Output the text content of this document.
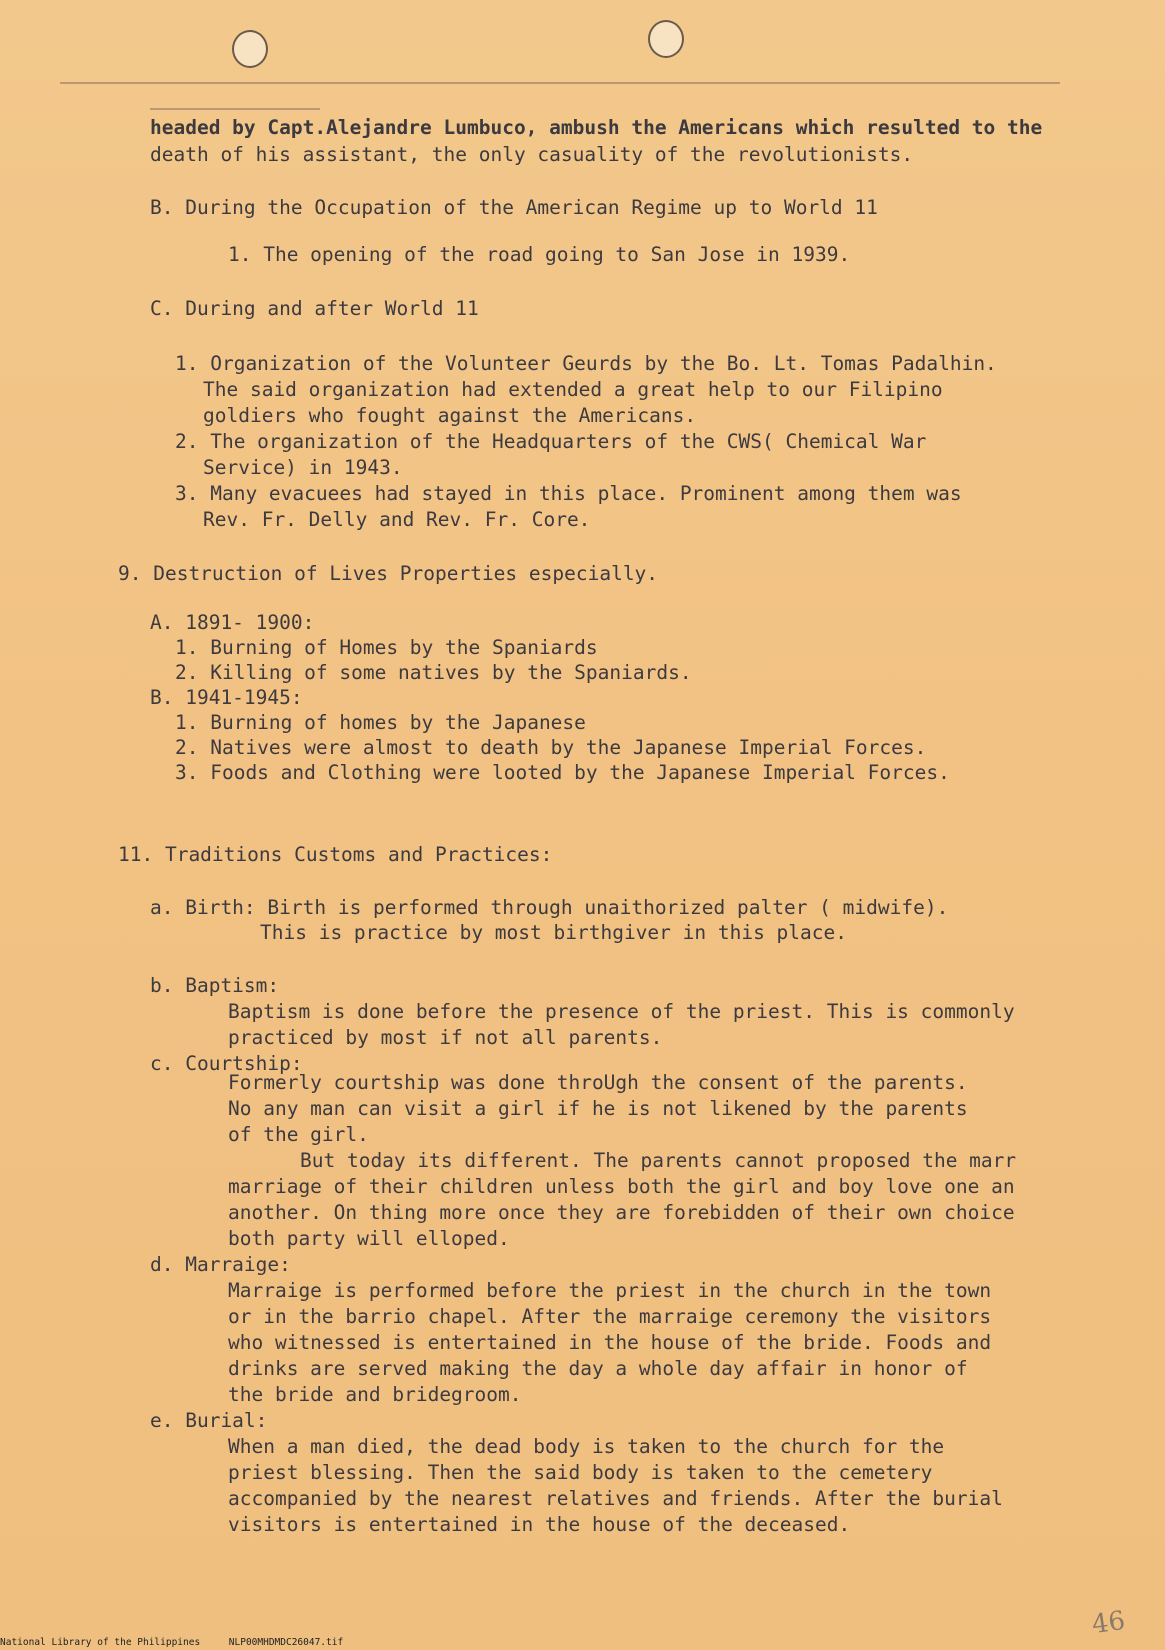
headed by Capt.Alejandre Lumbuco, ambush the Americans which resulted to the
death of his assistant, the only casuality of the revolutionists.
B. During the Occupation of the American Regime up to World 11
1. The opening of the road going to San Jose in 1939.
C. During and after World 11
1. Organization of the Volunteer Geurds by the Bo. Lt. Tomas Padalhin.
The said organization had extended a great help to our Filipino
goldiers who fought against the Americans.
2. The organization of the Headquarters of the CWS( Chemical War
Service) in 1943.
3. Many evacuees had stayed in this place. Prominent among them was
Rev. Fr. Delly and Rev. Fr. Core.
9. Destruction of Lives Properties especially.
A. 1891- 1900:
1. Burning of Homes by the Spaniards
2. Killing of some natives by the Spaniards.
B. 1941-1945:
1. Burning of homes by the Japanese
2. Natives were almost to death by the Japanese Imperial Forces.
3. Foods and Clothing were looted by the Japanese Imperial Forces.
11. Traditions Customs and Practices:
a. Birth: Birth is performed through unaithorized palter ( midwife).
This is practice by most birthgiver in this place.
b. Baptism:
Baptism is done before the presence of the priest. This is commonly
practiced by most if not all parents.
c. Courtship:
Formerly courtship was done throUgh the consent of the parents.
No any man can visit a girl if he is not likened by the parents
of the girl.
But today its different. The parents cannot proposed the marr
marriage of their children unless both the girl and boy love one an
another. On thing more once they are forebidden of their own choice
both party will elloped.
d. Marraige:
Marraige is performed before the priest in the church in the town
or in the barrio chapel. After the marraige ceremony the visitors
who witnessed is entertained in the house of the bride. Foods and
drinks are served making the day a whole day affair in honor of
the bride and bridegroom.
e. Burial:
When a man died, the dead body is taken to the church for the
priest blessing. Then the said body is taken to the cemetery
accompanied by the nearest relatives and friends. After the burial
visitors is entertained in the house of the deceased.
46
National Library of the Philippines     NLP00MHDMDC26047.tif
